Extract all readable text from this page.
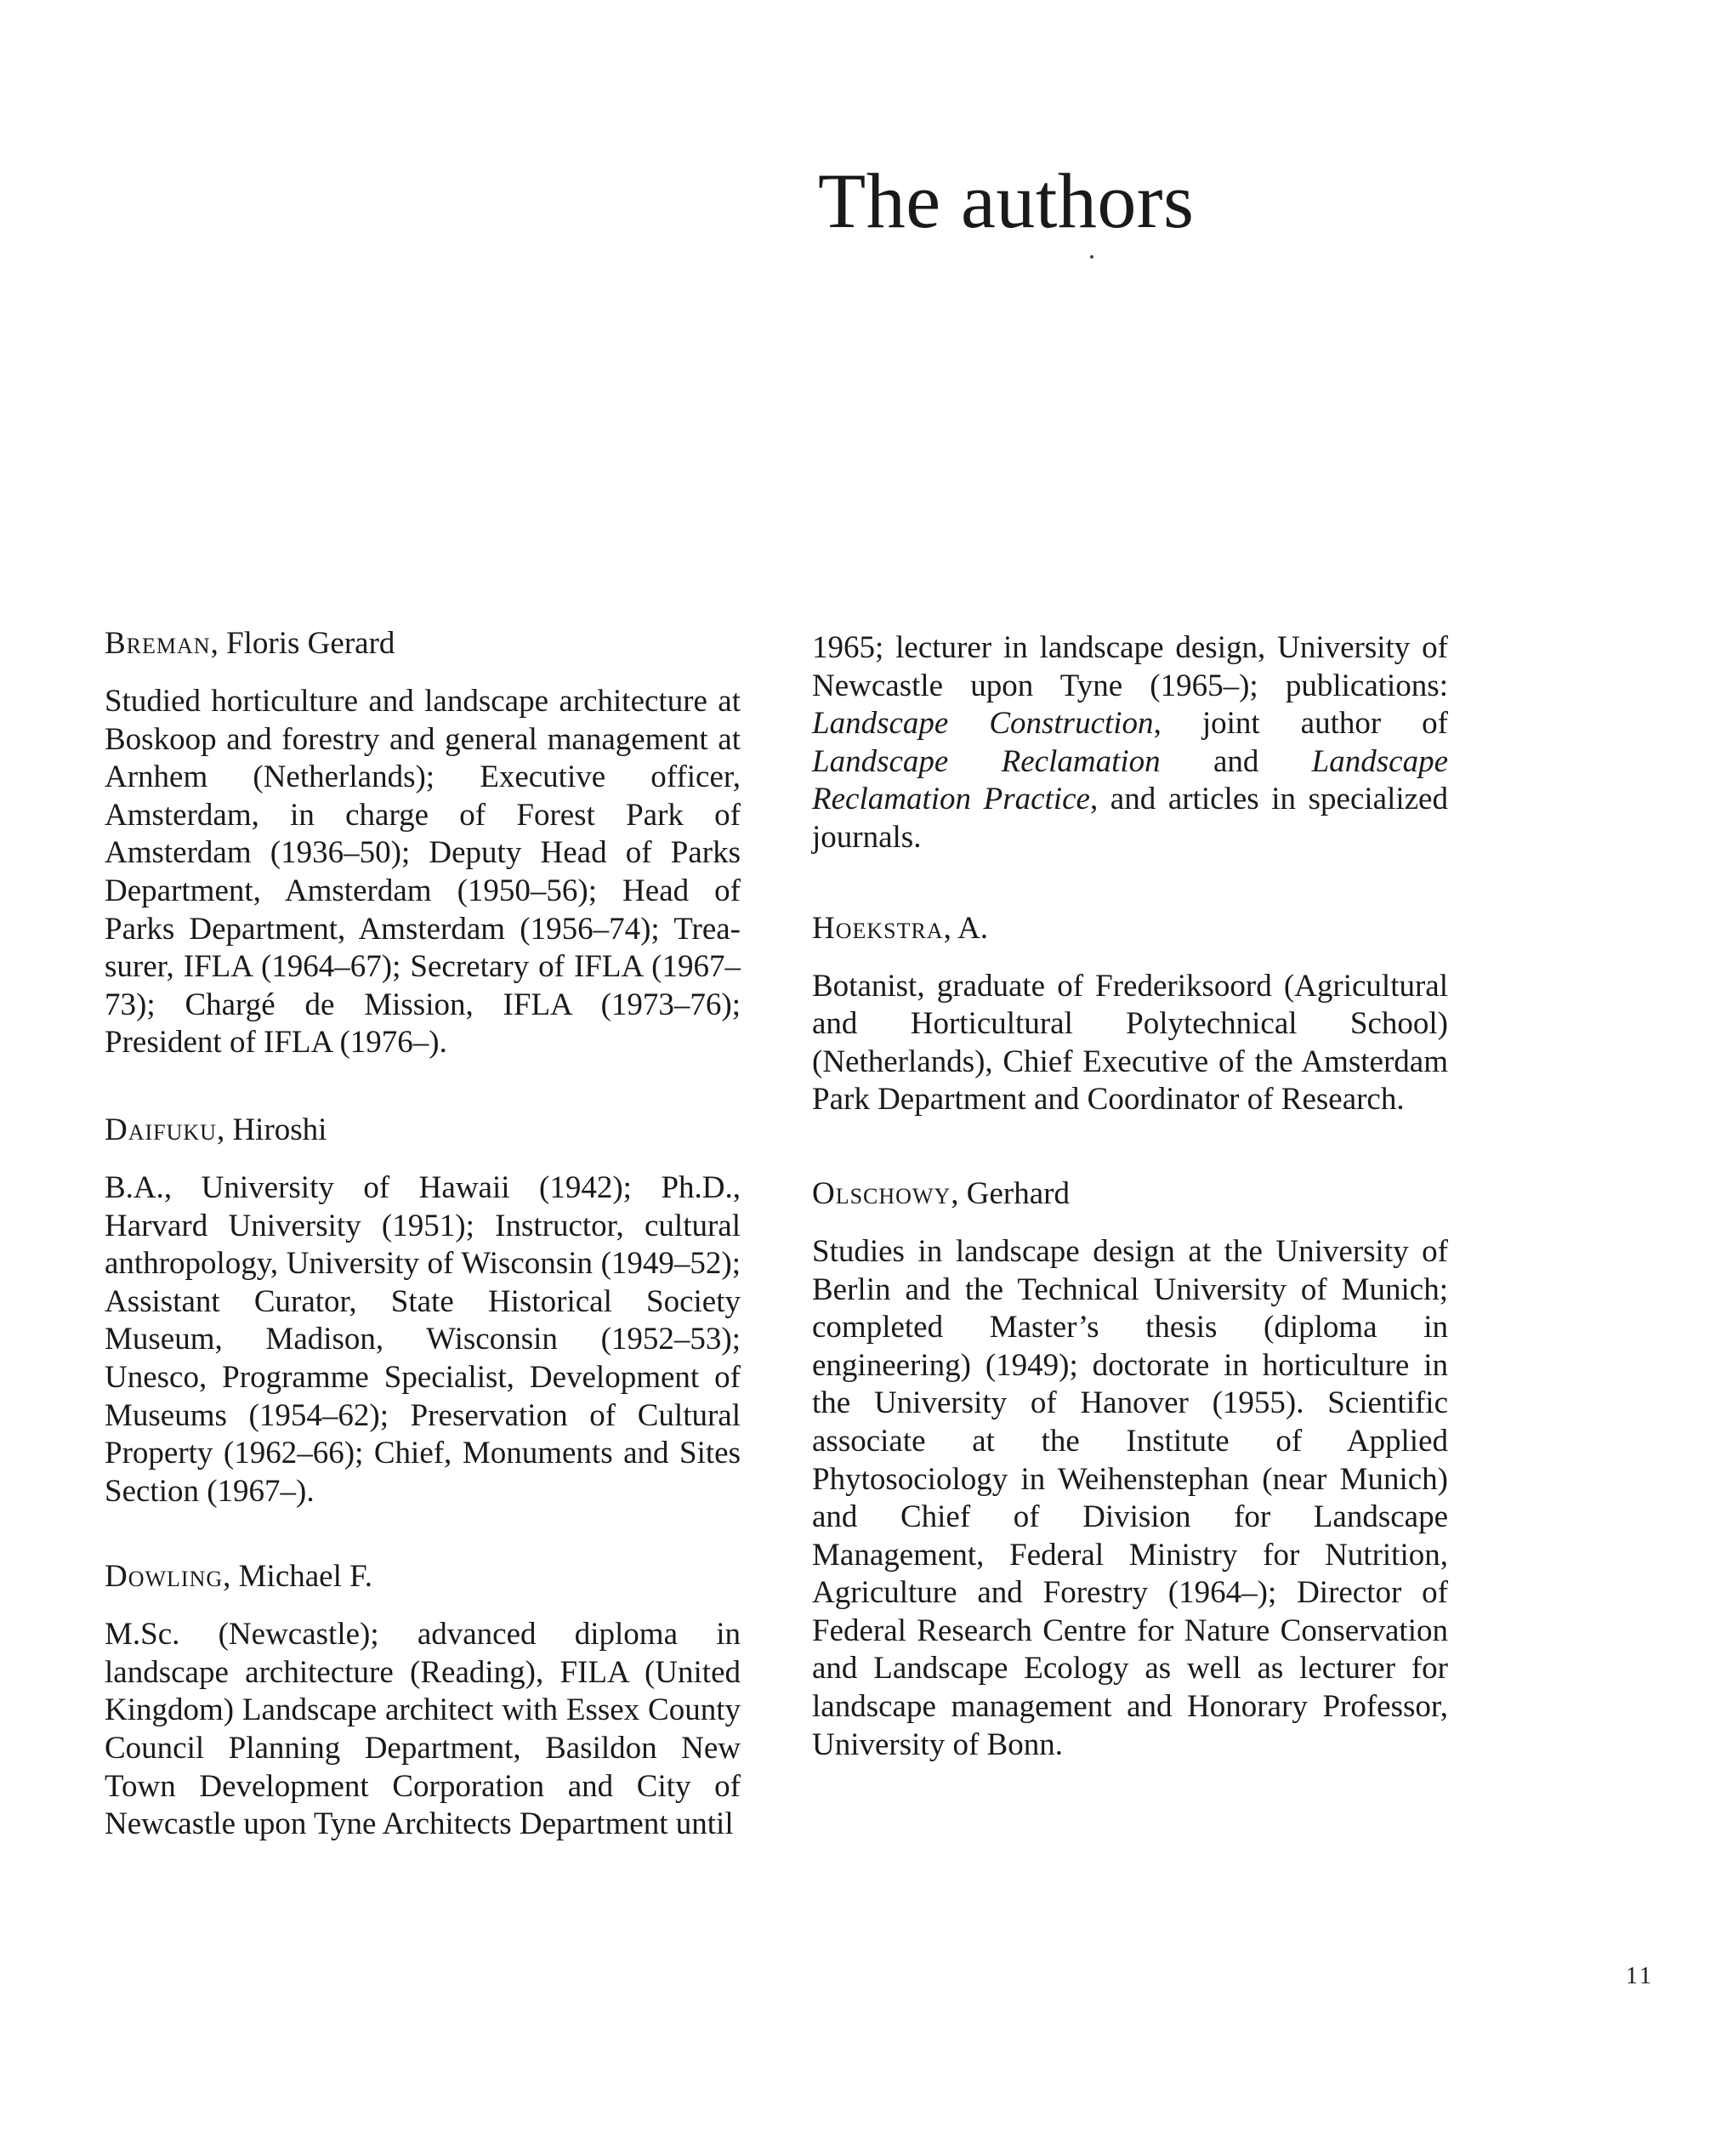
The authors

Breman, Floris Gerard

Studied horticulture and landscape architecture at Boskoop and forestry and general management at Arnhem (Netherlands); Executive officer, Amsterdam, in charge of Forest Park of Amsterdam (1936–50); Deputy Head of Parks Department, Amsterdam (1950–56); Head of Parks Department, Amsterdam (1956–74); Treasurer, IFLA (1964–67); Secretary of IFLA (1967–73); Chargé de Mission, IFLA (1973–76); President of IFLA (1976–).

Daifuku, Hiroshi

B.A., University of Hawaii (1942); Ph.D., Harvard University (1951); Instructor, cultural anthropology, University of Wisconsin (1949–52); Assistant Curator, State Historical Society Museum, Madison, Wisconsin (1952–53); Unesco, Programme Specialist, Development of Museums (1954–62); Preservation of Cultural Property (1962–66); Chief, Monuments and Sites Section (1967–).

Dowling, Michael F.

M.Sc. (Newcastle); advanced diploma in landscape architecture (Reading), FILA (United Kingdom) Landscape architect with Essex County Council Planning Department, Basildon New Town Development Corporation and City of Newcastle upon Tyne Architects Department until

1965; lecturer in landscape design, University of Newcastle upon Tyne (1965–); publications: Landscape Construction, joint author of Landscape Reclamation and Landscape Reclamation Practice, and articles in specialized journals.

Hoekstra, A.

Botanist, graduate of Frederiksoord (Agricultural and Horticultural Polytechnical School) (Netherlands), Chief Executive of the Amsterdam Park Department and Coordinator of Research.

Olschowy, Gerhard

Studies in landscape design at the University of Berlin and the Technical University of Munich; completed Master’s thesis (diploma in engineering) (1949); doctorate in horticulture in the University of Hanover (1955). Scientific associate at the Institute of Applied Phytosociology in Weihenstephan (near Munich) and Chief of Division for Landscape Management, Federal Ministry for Nutrition, Agriculture and Forestry (1964–); Director of Federal Research Centre for Nature Conservation and Landscape Ecology as well as lecturer for landscape management and Honorary Professor, University of Bonn.

11
